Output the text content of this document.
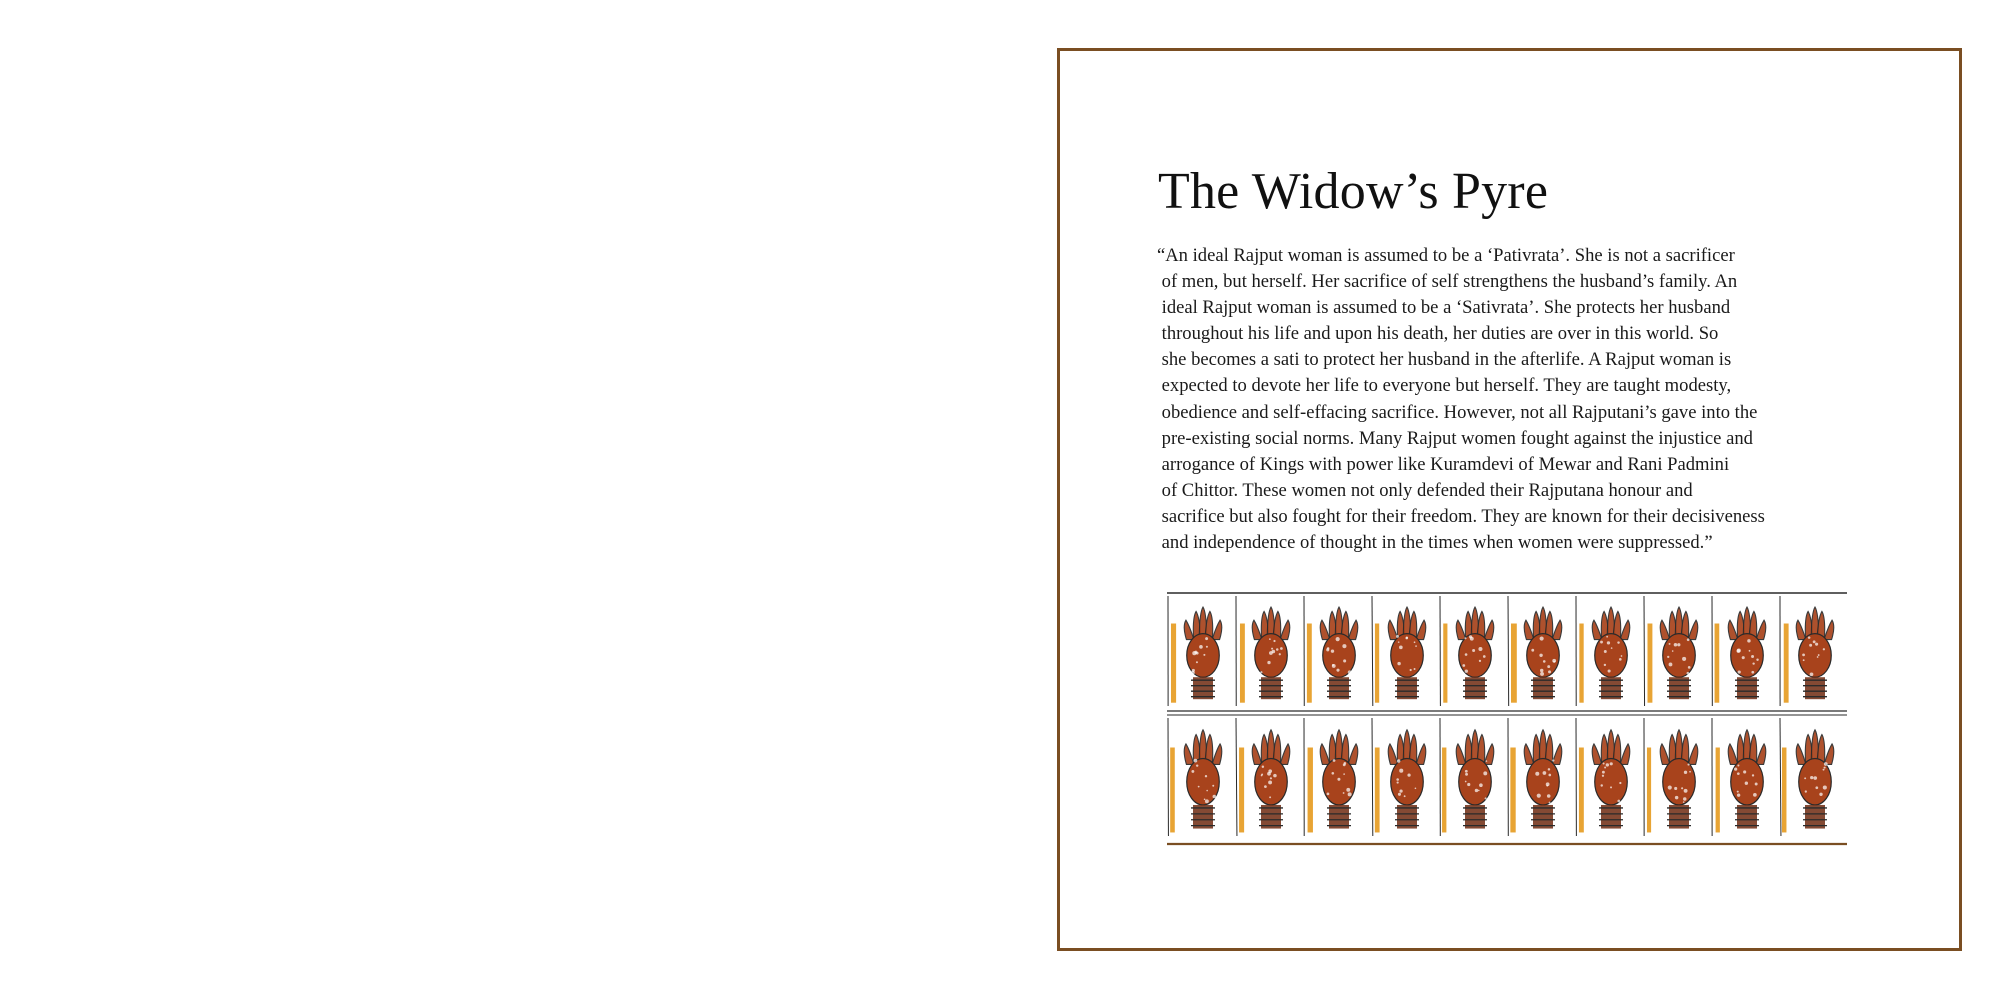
The Widow’s Pyre

“An ideal Rajput woman is assumed to be a ‘Pativrata’. She is not a sacrificer
of men, but herself. Her sacrifice of self strengthens the husband’s family. An
ideal Rajput woman is assumed to be a ‘Sativrata’. She protects her husband
throughout his life and upon his death, her duties are over in this world. So
she becomes a sati to protect her husband in the afterlife. A Rajput woman is
expected to devote her life to everyone but herself. They are taught modesty,
obedience and self-effacing sacrifice. However, not all Rajputani’s gave into the
pre-existing social norms. Many Rajput women fought against the injustice and
arrogance of Kings with power like Kuramdevi of Mewar and Rani Padmini
of Chittor. These women not only defended their Rajputana honour and
sacrifice but also fought for their freedom. They are known for their decisiveness
and independence of thought in the times when women were suppressed.”
